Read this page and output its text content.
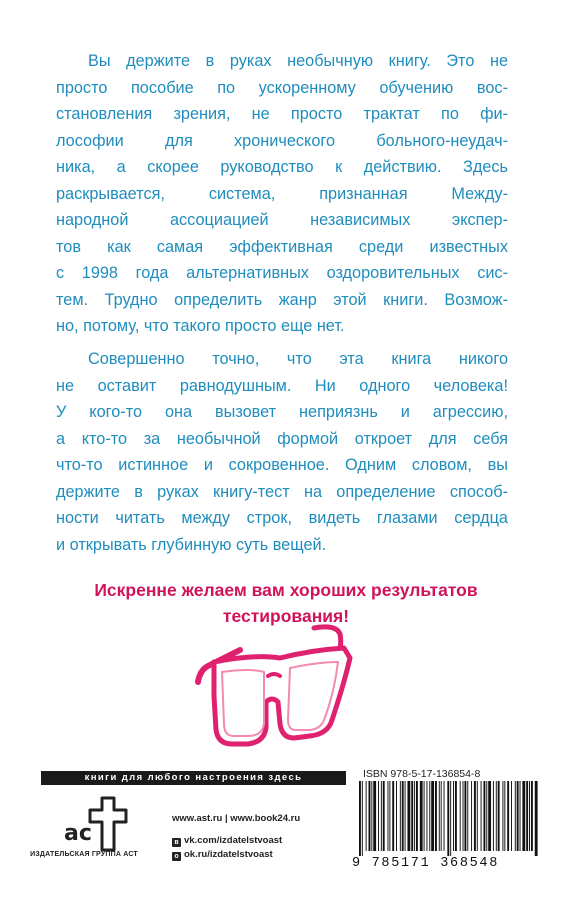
Вы держите в руках необычную книгу. Это не
просто пособие по ускоренному обучению вос-
становления зрения, не просто трактат по фи-
лософии для хронического больного-неудач-
ника, а скорее руководство к действию. Здесь
раскрывается, система, признанная Между-
народной ассоциацией независимых экспер-
тов как самая эффективная среди известных
с 1998 года альтернативных оздоровительных сис-
тем. Трудно определить жанр этой книги. Возмож-
но, потому, что такого просто еще нет.
Совершенно точно, что эта книга никого
не оставит равнодушным. Ни одного человека!
У кого-то она вызовет неприязнь и агрессию,
а кто-то за необычной формой откроет для себя
что-то истинное и сокровенное. Одним словом, вы
держите в руках книгу-тест на определение способ-
ности читать между строк, видеть глазами сердца
и открывать глубинную суть вещей.
Искренне желаем вам хороших результатов
тестирования!
книги для любого настроения здесь
ас
ИЗДАТЕЛЬСКАЯ ГРУППА АСТ
www.ast.ru | www.book24.ru
в vk.com/izdatelstvoast
о ok.ru/izdatelstvoast
ISBN 978-5-17-136854-8
9 785171 368548
